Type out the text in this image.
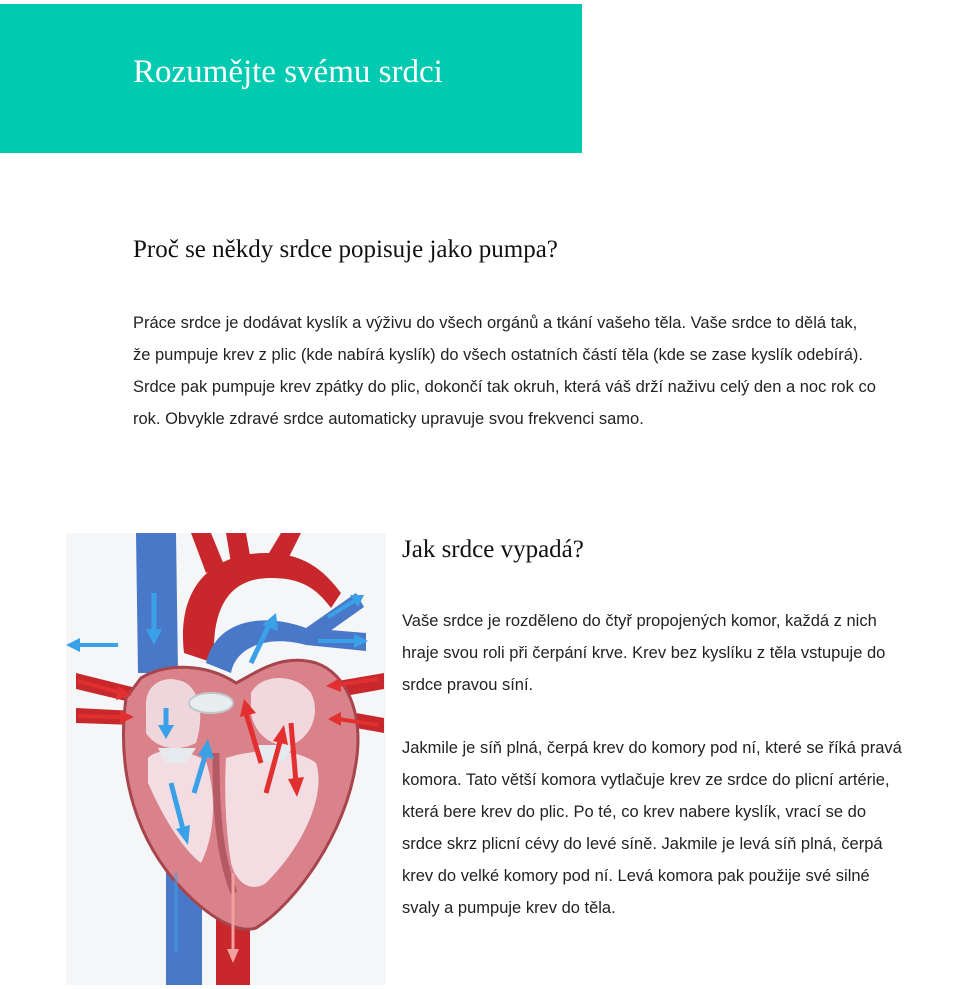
Rozumějte svému srdci
Proč se někdy srdce popisuje jako pumpa?
Práce srdce je dodávat kyslík a výživu do všech orgánů a tkání vašeho těla. Vaše srdce to dělá tak,
že pumpuje krev z plic (kde nabírá kyslík) do všech ostatních částí těla (kde se zase kyslík odebírá).
Srdce pak pumpuje krev zpátky do plic, dokončí tak okruh, která váš drží naživu celý den a noc rok co
rok. Obvykle zdravé srdce automaticky upravuje svou frekvenci samo.
Jak srdce vypadá?
Vaše srdce je rozděleno do čtyř propojených komor, každá z nich
hraje svou roli při čerpání krve. Krev bez kyslíku z těla vstupuje do
srdce pravou síní.
Jakmile je síň plná, čerpá krev do komory pod ní, které se říká pravá
komora. Tato větší komora vytlačuje krev ze srdce do plicní artérie,
která bere krev do plic. Po té, co krev nabere kyslík, vrací se do
srdce skrz plicní cévy do levé síně. Jakmile je levá síň plná, čerpá
krev do velké komory pod ní. Levá komora pak použije své silné
svaly a pumpuje krev do těla.
